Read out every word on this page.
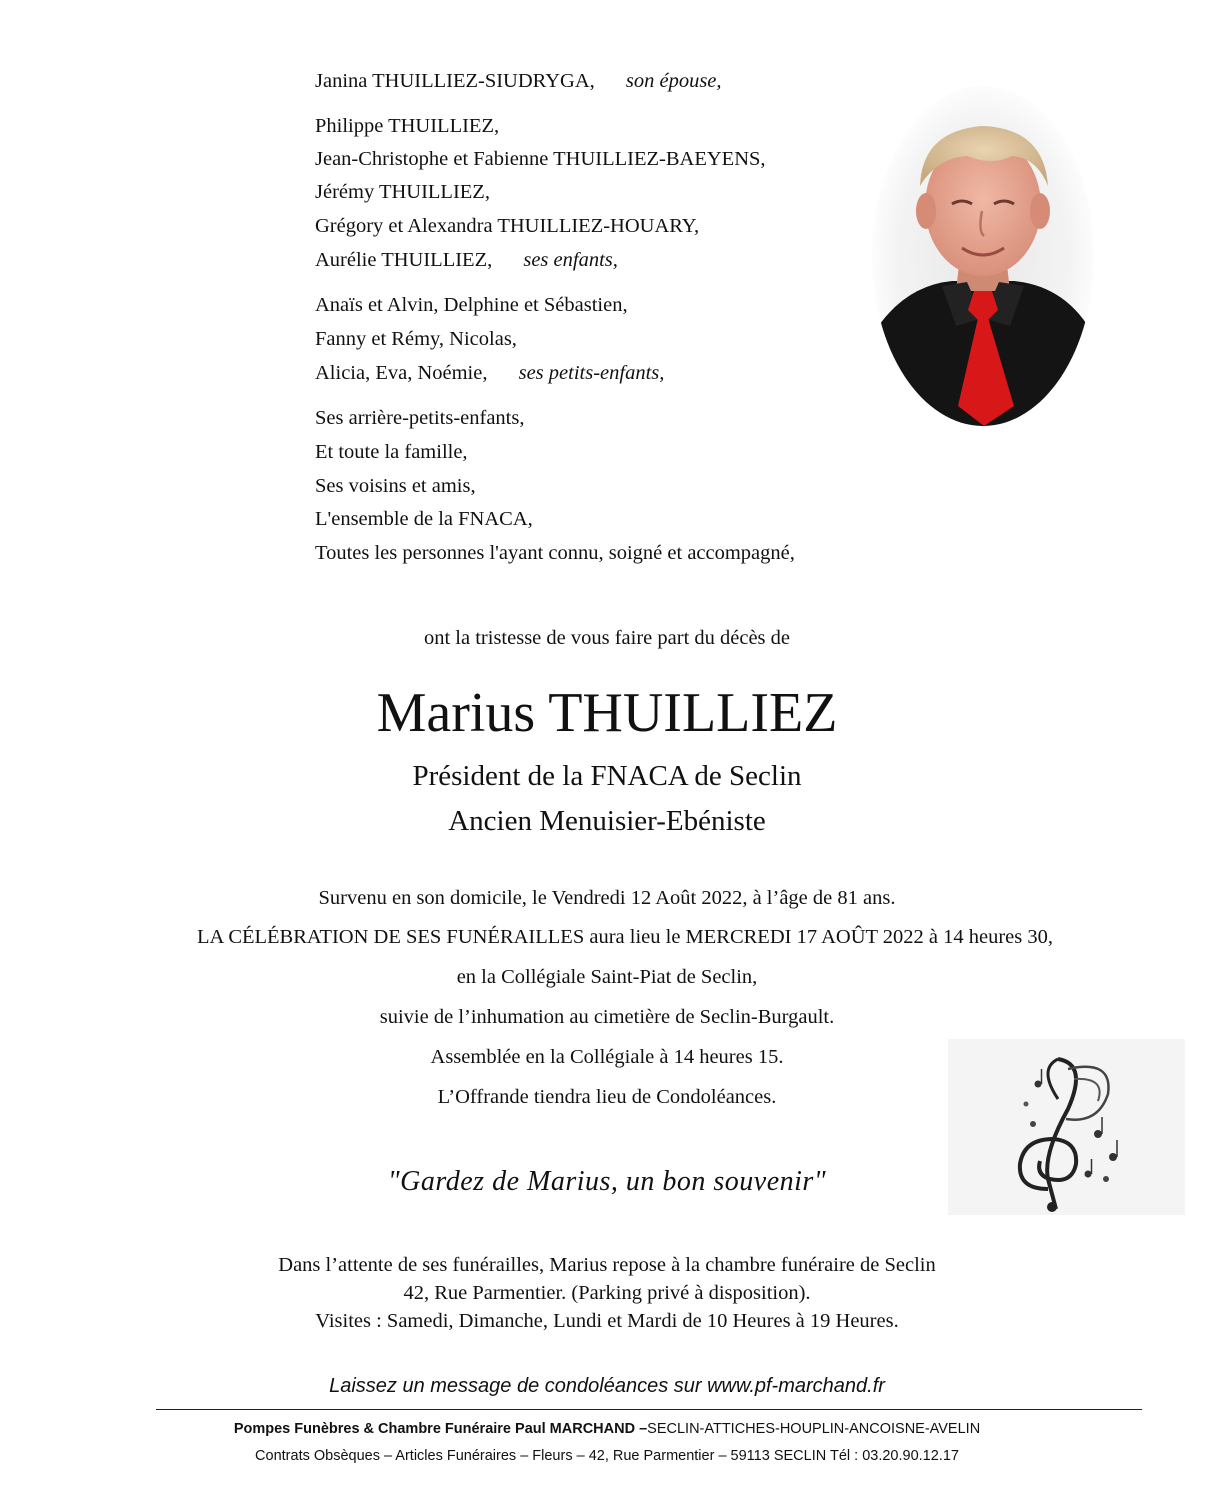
Janina THUILLIEZ-SIUDRYGA, son épouse,
Philippe THUILLIEZ,
Jean-Christophe et Fabienne THUILLIEZ-BAEYENS,
Jérémy THUILLIEZ,
Grégory et Alexandra THUILLIEZ-HOUARY,
Aurélie THUILLIEZ, ses enfants,
Anaïs et Alvin, Delphine et Sébastien,
Fanny et Rémy, Nicolas,
Alicia, Eva, Noémie, ses petits-enfants,
Ses arrière-petits-enfants,
Et toute la famille,
Ses voisins et amis,
L'ensemble de la FNACA,
Toutes les personnes l'ayant connu, soigné et accompagné,
ont la tristesse de vous faire part du décès de
Marius THUILLIEZ
Président de la FNACA de Seclin
Ancien Menuisier-Ebéniste
Survenu en son domicile, le Vendredi 12 Août 2022, à l’âge de 81 ans.
LA CÉLÉBRATION DE SES FUNÉRAILLES aura lieu le MERCREDI 17 AOÛT 2022 à 14 heures 30,
en la Collégiale Saint-Piat de Seclin,
suivie de l’inhumation au cimetière de Seclin-Burgault.
Assemblée en la Collégiale à 14 heures 15.
L’Offrande tiendra lieu de Condoléances.
"Gardez de Marius, un bon souvenir"
Dans l’attente de ses funérailles, Marius repose à la chambre funéraire de Seclin
42, Rue Parmentier. (Parking privé à disposition).
Visites : Samedi, Dimanche, Lundi et Mardi de 10 Heures à 19 Heures.
Laissez un message de condoléances sur www.pf-marchand.fr
Pompes Funèbres & Chambre Funéraire Paul MARCHAND –SECLIN-ATTICHES-HOUPLIN-ANCOISNE-AVELIN
Contrats Obsèques – Articles Funéraires – Fleurs – 42, Rue Parmentier – 59113 SECLIN Tél : 03.20.90.12.17
